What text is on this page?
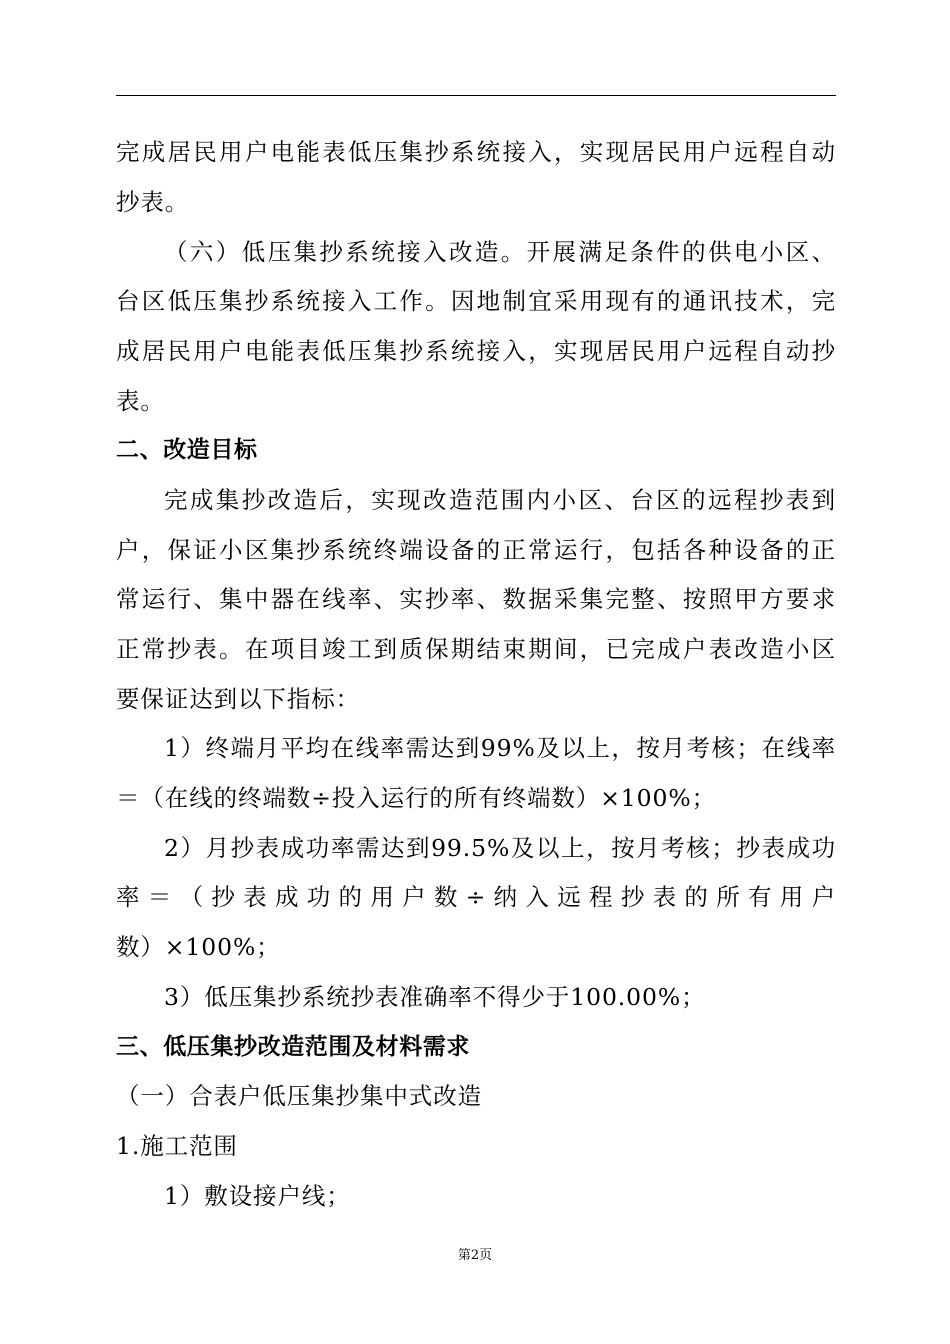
完成居民用户电能表低压集抄系统接入，实现居民用户远程自动
抄表。
（六）低压集抄系统接入改造。开展满足条件的供电小区、
台区低压集抄系统接入工作。因地制宜采用现有的通讯技术，完
成居民用户电能表低压集抄系统接入，实现居民用户远程自动抄
表。
二、改造目标
完成集抄改造后，实现改造范围内小区、台区的远程抄表到
户，保证小区集抄系统终端设备的正常运行，包括各种设备的正
常运行、集中器在线率、实抄率、数据采集完整、按照甲方要求
正常抄表。在项目竣工到质保期结束期间，已完成户表改造小区
要保证达到以下指标：
1）终端月平均在线率需达到99%及以上，按月考核；在线率
＝（在线的终端数÷投入运行的所有终端数）×100%；
2）月抄表成功率需达到99.5%及以上，按月考核；抄表成功
率＝（抄表成功的用户数÷纳入远程抄表的所有用户
数）×100%；
3）低压集抄系统抄表准确率不得少于100.00%；
三、低压集抄改造范围及材料需求
（一）合表户低压集抄集中式改造
1.施工范围
1）敷设接户线；
第2页
